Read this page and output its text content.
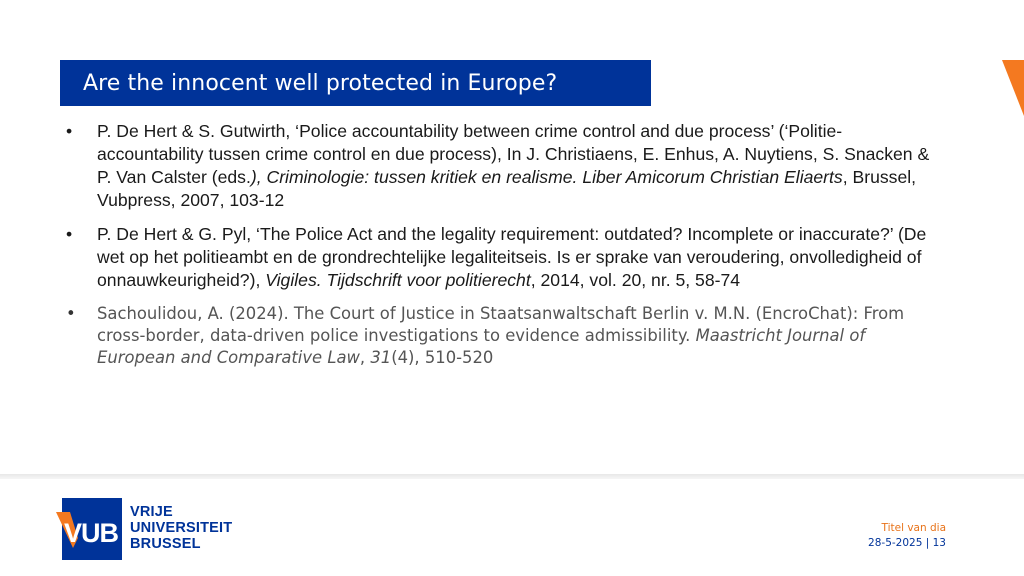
Are the innocent well protected in Europe?
•	P. De Hert & S. Gutwirth, ‘Police accountability between crime control and due process’ (‘Politie-accountability tussen crime control en due process), In J. Christiaens, E. Enhus, A. Nuytiens, S. Snacken & P. Van Calster (eds.), Criminologie: tussen kritiek en realisme. Liber Amicorum Christian Eliaerts, Brussel, Vubpress, 2007, 103-12
•	P. De Hert & G. Pyl, ‘The Police Act and the legality requirement: outdated? Incomplete or inaccurate?’ (De wet op het politieambt en de grondrechtelijke legaliteitseis. Is er sprake van veroudering, onvolledigheid of onnauwkeurigheid?), Vigiles. Tijdschrift voor politierecht, 2014, vol. 20, nr. 5, 58-74
•	Sachoulidou, A. (2024). The Court of Justice in Staatsanwaltschaft Berlin v. M.N. (EncroChat): From cross-border, data-driven police investigations to evidence admissibility. Maastricht Journal of European and Comparative Law, 31(4), 510-520
VUB
VRIJE
UNIVERSITEIT
BRUSSEL
Titel van dia
28-5-2025 | 13
